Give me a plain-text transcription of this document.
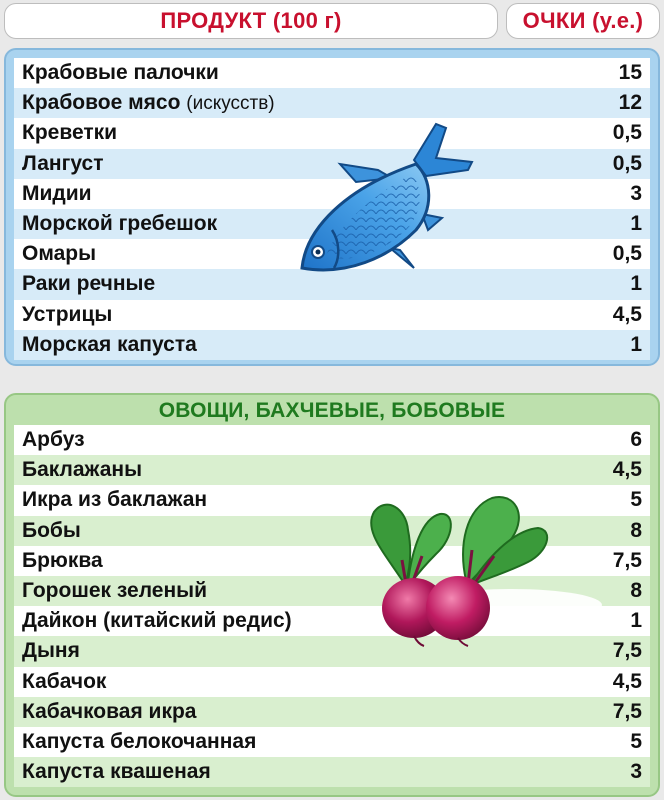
ПРОДУКТ (100 г)	ОЧКИ (у.е.)
Крабовые палочки	15
Крабовое мясо (искусств)	12
Креветки	0,5
Лангуст	0,5
Мидии	3
Морской гребешок	1
Омары	0,5
Раки речные	1
Устрицы	4,5
Морская капуста	1
ОВОЩИ, БАХЧЕВЫЕ, БОБОВЫЕ
Арбуз	6
Баклажаны	4,5
Икра из баклажан	5
Бобы	8
Брюква	7,5
Горошек зеленый	8
Дайкон (китайский редис)	1
Дыня	7,5
Кабачок	4,5
Кабачковая икра	7,5
Капуста белокочанная	5
Капуста квашеная	3
